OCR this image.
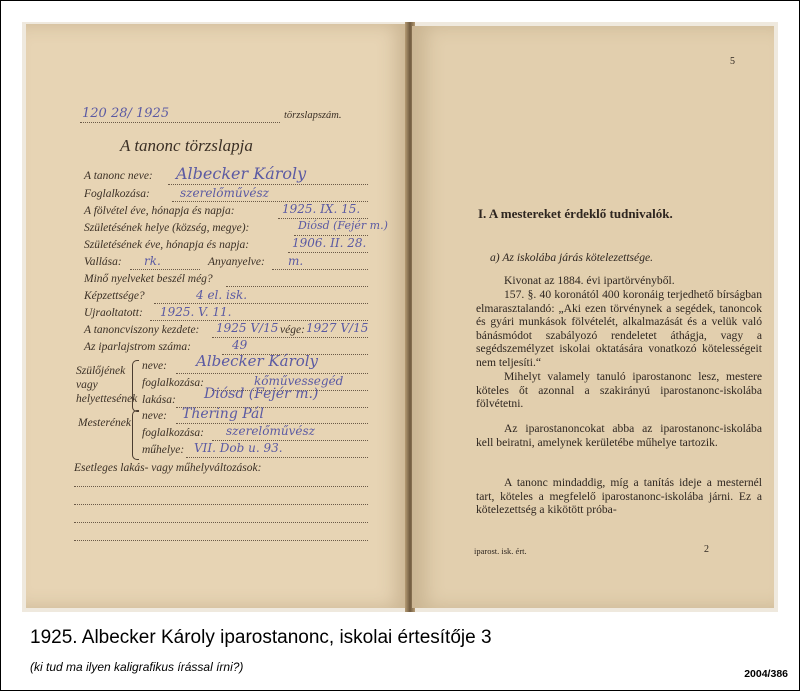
120 28/ 1925	törzslapszám.
A tanonc törzslapja
A tanonc neve: Albecker Károly
Foglalkozása:	szerelőművész
A fölvétel éve, hónapja és napja:	1925. IX. 15.
Születésének helye (község, megye):	Diósd (Fejér m.)
Születésének éve, hónapja és napja:	1906. II. 28.
Vallása: rk.	Anyanyelve: m.
Minő nyelveket beszél még?
Képzettsége?	4 el. isk.
Ujraoltatott: 1925. V. 11.
A tanoncviszony kezdete: 1925 V/15 vége: 1927 V/15
Az iparlajstrom száma:	49
Szülőjének vagy helyettesének
neve: Albecker Károly
foglalkozása:	kőművessegéd
lakása: Diósd (Fejér m.)
Mesterének
neve: Thering Pál
foglalkozása: szerelőművész
műhelye: VII. Dob u. 93.
Esetleges lakás- vagy műhelyváltozások:
5
I. A mestereket érdeklő tudnivalók.
a) Az iskolába járás kötelezettsége.
Kivonat az 1884. évi ipartörvényből.
157. §. 40 koronától 400 koronáig terjedhető bírságban elmarasztalandó: „Aki ezen törvénynek a segédek, tanoncok és gyári munkások fölvételét, alkalmazását és a velük való bánásmódot szabályozó rendeletet áthágja, vagy a segédszemélyzet iskolai oktatására vonatkozó kötelességeit nem teljesíti.“
Mihelyt valamely tanuló iparostanonc lesz, mestere köteles őt azonnal a szakirányú iparostanonc-iskolába fölvétetni.
Az iparostanoncokat abba az iparostanonc-iskolába kell beiratni, amelynek kerületébe műhelye tartozik.
A tanonc mindaddig, míg a tanítás ideje a mesternél tart, köteles a megfelelő iparostanonc-iskolába járni. Ez a kötelezettség a kikötött próba-
iparost. isk. ért.	2
1925. Albecker Károly iparostanonc, iskolai értesítője 3
(ki tud ma ilyen kaligrafikus írással írni?)	2004/386
